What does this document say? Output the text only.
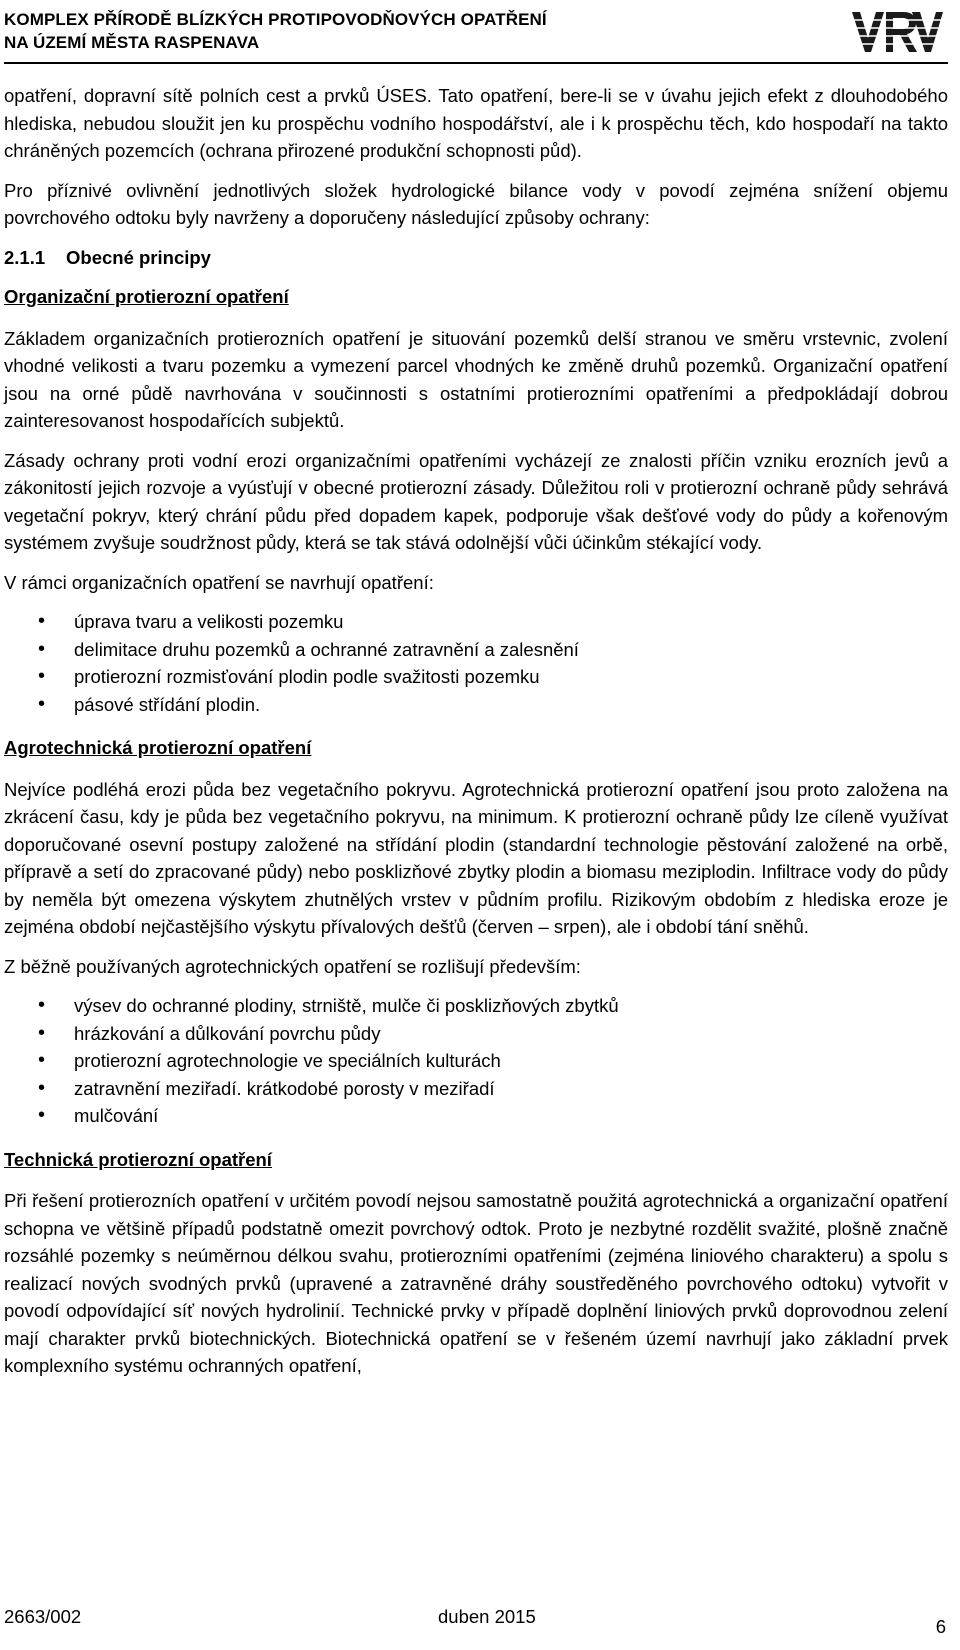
KOMPLEX PŘÍRODĚ BLÍZKÝCH PROTIPOVODŇOVÝCH OPATŘENÍ
NA ÚZEMÍ MĚSTA RASPENAVA

opatření, dopravní sítě polních cest a prvků ÚSES. Tato opatření, bere-li se v úvahu jejich efekt z dlouhodobého hlediska, nebudou sloužit jen ku prospěchu vodního hospodářství, ale i k prospěchu těch, kdo hospodaří na takto chráněných pozemcích (ochrana přirozené produkční schopnosti půd).

Pro příznivé ovlivnění jednotlivých složek hydrologické bilance vody v povodí zejména snížení objemu povrchového odtoku byly navrženy a doporučeny následující způsoby ochrany:

2.1.1	Obecné principy
Organizační protierozní opatření

Základem organizačních protierozních opatření je situování pozemků delší stranou ve směru vrstevnic, zvolení vhodné velikosti a tvaru pozemku a vymezení parcel vhodných ke změně druhů pozemků. Organizační opatření jsou na orné půdě navrhována v součinnosti s ostatními protierozními opatřeními a předpokládají dobrou zainteresovanost hospodařících subjektů.

Zásady ochrany proti vodní erozi organizačními opatřeními vycházejí ze znalosti příčin vzniku erozních jevů a zákonitostí jejich rozvoje a vyúsťují v obecné protierozní zásady. Důležitou roli v protierozní ochraně půdy sehrává vegetační pokryv, který chrání půdu před dopadem kapek, podporuje však dešťové vody do půdy a kořenovým systémem zvyšuje soudržnost půdy, která se tak stává odolnější vůči účinkům stékající vody.

V rámci organizačních opatření se navrhují opatření:

• úprava tvaru a velikosti pozemku
• delimitace druhu pozemků a ochranné zatravnění a zalesnění
• protierozní rozmisťování plodin podle svažitosti pozemku
• pásové střídání plodin.
Agrotechnická protierozní opatření

Nejvíce podléhá erozi půda bez vegetačního pokryvu. Agrotechnická protierozní opatření jsou proto založena na zkrácení času, kdy je půda bez vegetačního pokryvu, na minimum. K protierozní ochraně půdy lze cíleně využívat doporučované osevní postupy založené na střídání plodin (standardní technologie pěstování založené na orbě, přípravě a setí do zpracované půdy) nebo posklizňové zbytky plodin a biomasu meziplodin. Infiltrace vody do půdy by neměla být omezena výskytem zhutnělých vrstev v půdním profilu. Rizikovým obdobím z hlediska eroze je zejména období nejčastějšího výskytu přívalových dešťů (červen – srpen), ale i období tání sněhů.

Z běžně používaných agrotechnických opatření se rozlišují především:

• výsev do ochranné plodiny, strniště, mulče či posklizňových zbytků
• hrázkování a důlkování povrchu půdy
• protierozní agrotechnologie ve speciálních kulturách
• zatravnění meziřadí. krátkodobé porosty v meziřadí
• mulčování
Technická protierozní opatření

Při řešení protierozních opatření v určitém povodí nejsou samostatně použitá agrotechnická a organizační opatření schopna ve většině případů podstatně omezit povrchový odtok. Proto je nezbytné rozdělit svažité, plošně značně rozsáhlé pozemky s neúměrnou délkou svahu, protierozními opatřeními (zejména liniového charakteru) a spolu s realizací nových svodných prvků (upravené a zatravněné dráhy soustředěného povrchového odtoku) vytvořit v povodí odpovídající síť nových hydrolinií. Technické prvky v případě doplnění liniových prvků doprovodnou zelení mají charakter prvků biotechnických. Biotechnická opatření se v řešeném území navrhují jako základní prvek komplexního systému ochranných opatření,

2663/002	duben 2015	6
